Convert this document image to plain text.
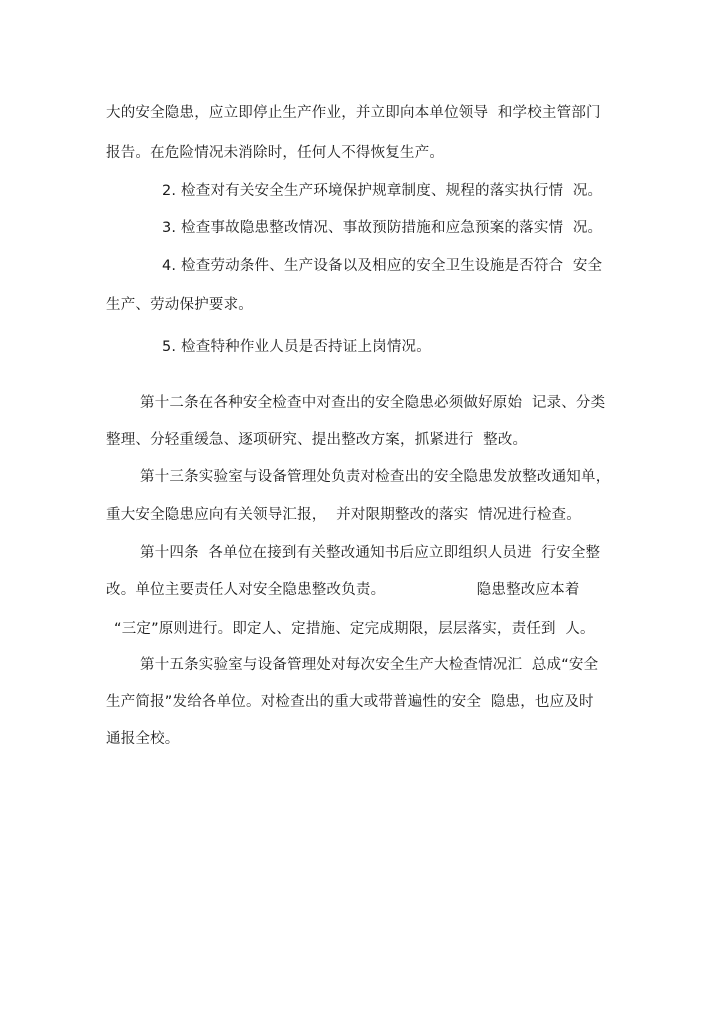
大的安全隐患，应立即停止生产作业，并立即向本单位领导  和学校主管部门
报告。在危险情况未消除时，任何人不得恢复生产。
2. 检查对有关安全生产环境保护规章制度、规程的落实执行情  况。
3. 检查事故隐患整改情况、事故预防措施和应急预案的落实情  况。
4. 检查劳动条件、生产设备以及相应的安全卫生设施是否符合  安全
生产、劳动保护要求。
5. 检查特种作业人员是否持证上岗情况。
第十二条在各种安全检查中对查出的安全隐患必须做好原始  记录、分类
整理、分轻重缓急、逐项研究、提出整改方案，抓紧进行  整改。
第十三条实验室与设备管理处负责对检查出的安全隐患发放整改通知单，
重大安全隐患应向有关领导汇报，  并对限期整改的落实  情况进行检查。
第十四条  各单位在接到有关整改通知书后应立即组织人员进  行安全整
改。单位主要责任人对安全隐患整改负责。                   隐患整改应本着
“三定”原则进行。即定人、定措施、定完成期限，层层落实，责任到  人。
第十五条实验室与设备管理处对每次安全生产大检查情况汇  总成“安全
生产简报”发给各单位。对检查出的重大或带普遍性的安全  隐患，也应及时
通报全校。
